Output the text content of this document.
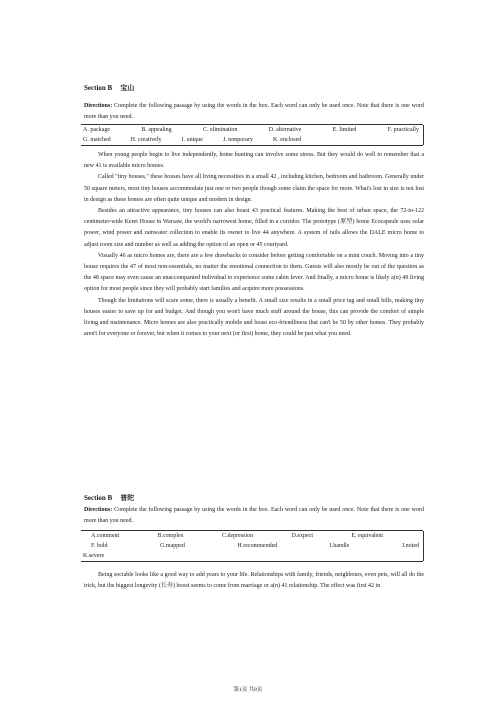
Section B 宝山
Directions: Complete the following passage by using the words in the box. Each word can only be used once. Note that there is one word more than you need.
A. package	B. appealing	C. elimination	D. alternative	E. limited	F. practically
G. matched	H. creatively	I. unique	J. temporary	K. enclosed

When young people begin to live independently, home hunting can involve some stress. But they would do well to remember that a new 41 is available micro homes.

Called "tiny houses," these houses have all living necessities in a small 42 , including kitchen, bedroom and bathroom. Generally under 50 square meters, most tiny houses accommodate just one or two people though some claim the space for more. What's lost in size is not lost in design as these homes are often quite unique and modern in design.

Besides an attractive appearance, tiny houses can also boast 43 practical features. Making the best of urban space, the 72-to-122 centimeter-wide Keret House in Warsaw, the world's narrowest home, filled in a corridor. The prototype (原型) home Ecocapsule uses solar power, wind power and rainwater collection to enable its owner to live 44 anywhere. A system of rails allows the DALE micro home to adjust room size and number as well as adding the option of an open or 45 courtyard.

Visually 46 as micro homes are, there are a few drawbacks to consider before getting comfortable on a mini couch. Moving into a tiny house requires the 47 of most non-essentials, no matter the emotional connection to them. Guests will also mostly be out of the question as the 48 space may even cause an unaccompanied individual to experience some cabin fever. And finally, a micro home is likely a(n) 49 living option for most people since they will probably start families and acquire more possessions.

Though the limitations will scare some, there is usually a benefit. A small size results in a small price tag and small bills, making tiny houses easier to save up for and budget. And though you won't have much stuff around the house, this can provide the comfort of simple living and maintenance. Micro homes are also practically mobile and boast eco-friendliness that can't be 50 by other homes. They probably aren't for everyone or forever, but when it comes to your next (or first) home, they could be just what you need.

Section B 普陀
Directions: Complete the following passage by using the words in the box. Each word can only be used once. Note that there is one word more than you need.
A.comment	B.complex	C.depression	D.expect	E. equivalent
F. hold	G.mapped	H.recommended	I.handle	J.noted
K.severe

Being sociable looks like a good way to add years to your life. Relationships with family, friends, neighbours, even pets, will all do the trick, but the biggest longevity (长寿) boost seems to come from marriage or a(n) 41 relationship. The effect was first 42 in

第1页 共8页
